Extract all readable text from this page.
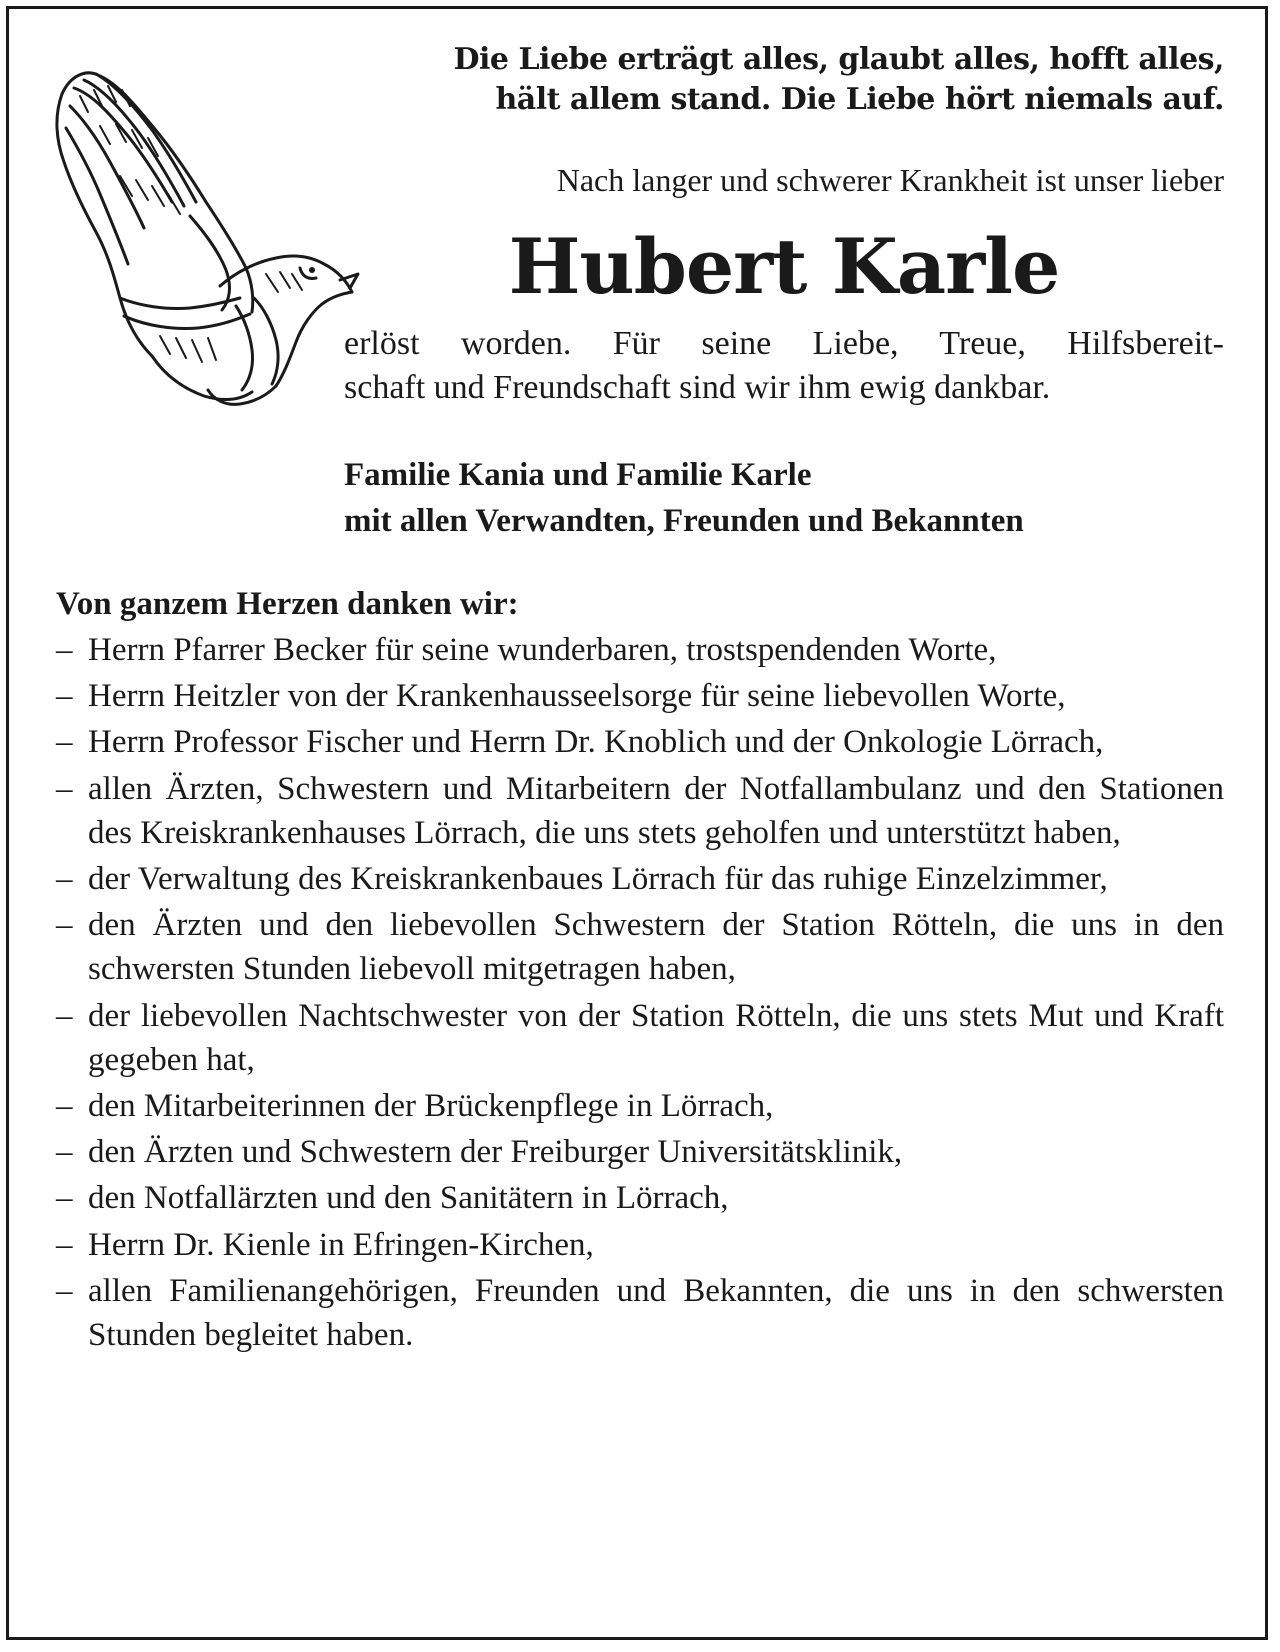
Die Liebe erträgt alles, glaubt alles, hofft alles,
hält allem stand. Die Liebe hört niemals auf.
Nach langer und schwerer Krankheit ist unser lieber
Hubert Karle
erlöst worden. Für seine Liebe, Treue, Hilfsbereit-
schaft und Freundschaft sind wir ihm ewig dankbar.
Familie Kania und Familie Karle
mit allen Verwandten, Freunden und Bekannten
Von ganzem Herzen danken wir:
– Herrn Pfarrer Becker für seine wunderbaren, trostspendenden Worte,
– Herrn Heitzler von der Krankenhausseelsorge für seine liebevollen Worte,
– Herrn Professor Fischer und Herrn Dr. Knoblich und der Onkologie Lörrach,
– allen Ärzten, Schwestern und Mitarbeitern der Notfallambulanz und den Stationen des Kreiskrankenhauses Lörrach, die uns stets geholfen und unterstützt haben,
– der Verwaltung des Kreiskrankenbaues Lörrach für das ruhige Einzelzimmer,
– den Ärzten und den liebevollen Schwestern der Station Rötteln, die uns in den schwersten Stunden liebevoll mitgetragen haben,
– der liebevollen Nachtschwester von der Station Rötteln, die uns stets Mut und Kraft gegeben hat,
– den Mitarbeiterinnen der Brückenpflege in Lörrach,
– den Ärzten und Schwestern der Freiburger Universitätsklinik,
– den Notfallärzten und den Sanitätern in Lörrach,
– Herrn Dr. Kienle in Efringen-Kirchen,
– allen Familienangehörigen, Freunden und Bekannten, die uns in den schwersten Stunden begleitet haben.
